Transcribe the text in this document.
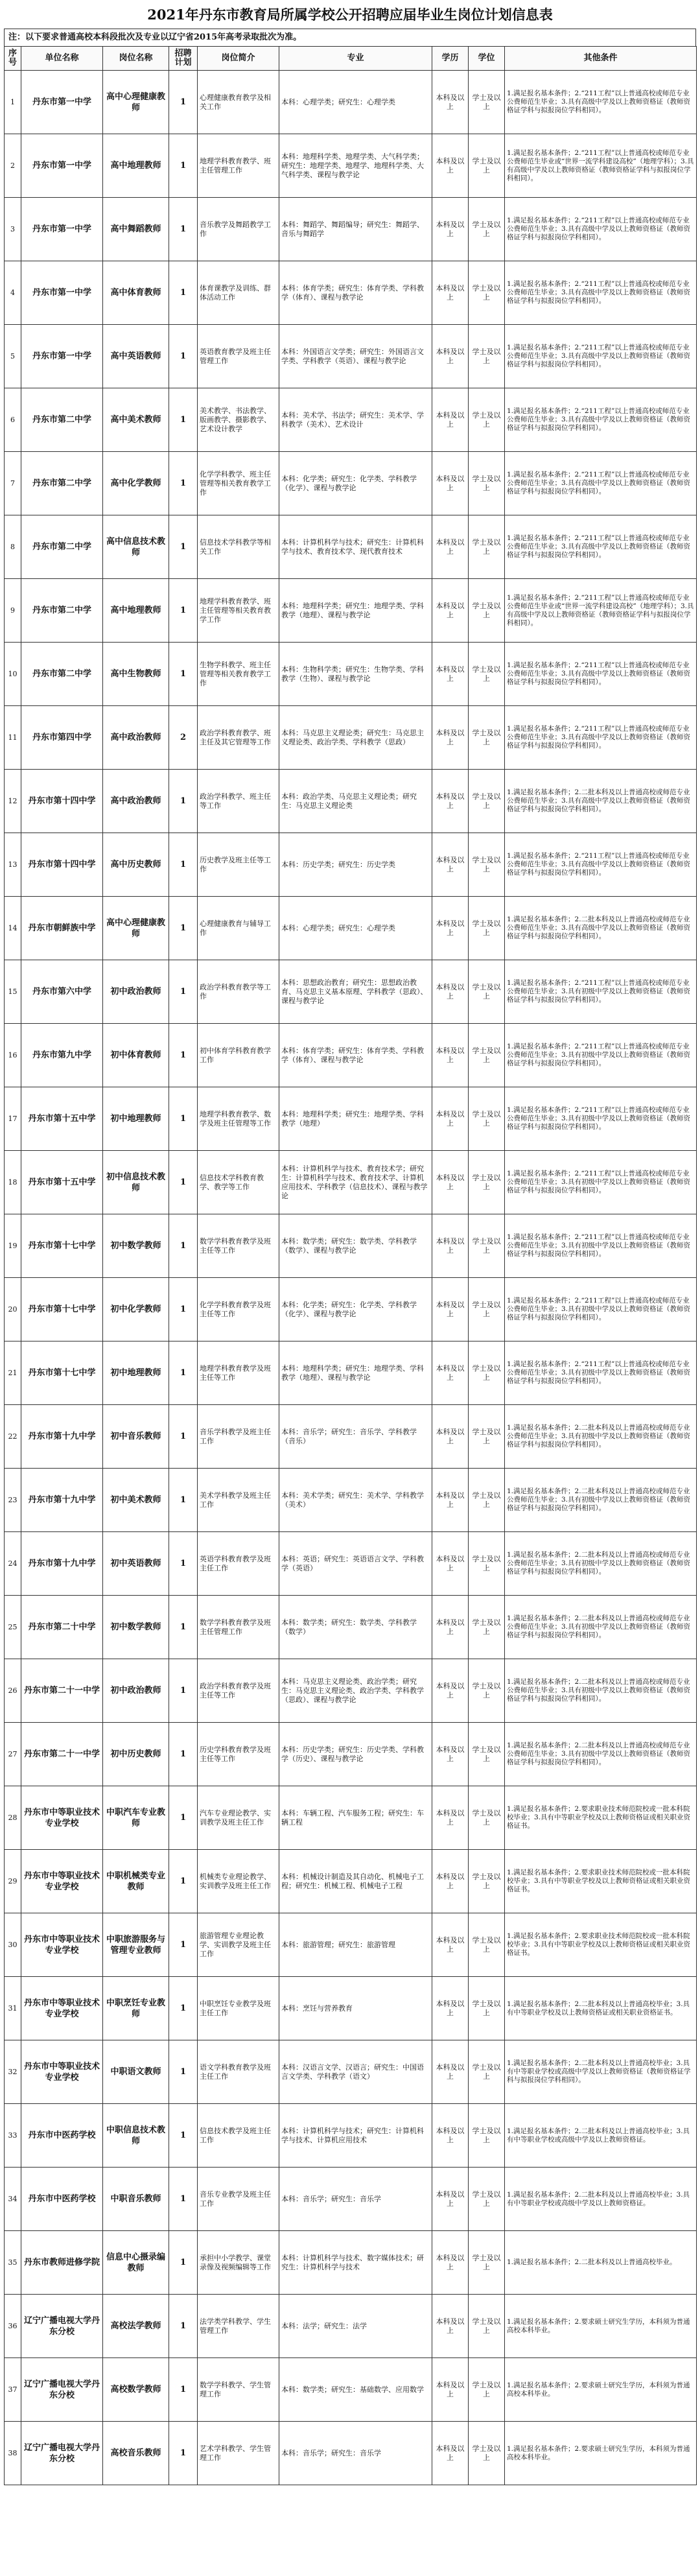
2021年丹东市教育局所属学校公开招聘应届毕业生岗位计划信息表
注：以下要求普通高校本科段批次及专业以辽宁省2015年高考录取批次为准。
序号	单位名称	岗位名称	招聘计划	岗位简介	专业	学历	学位	其他条件
1	丹东市第一中学	高中心理健康教师	1	心理健康教育教学及相关工作	本科：心理学类；研究生：心理学类	本科及以上	学士及以上	1.满足报名基本条件；2.“211工程”以上普通高校或师范专业公费师范生毕业；3.具有高级中学及以上教师资格证（教师资格证学科与拟报岗位学科相同）。
2	丹东市第一中学	高中地理教师	1	地理学科教育教学、班主任管理工作	本科：地理科学类、地理学类、大气科学类；研究生：地理学类、地理学、地理科学类、大气科学类、课程与教学论	本科及以上	学士及以上	1.满足报名基本条件；2.“211工程”以上普通高校或师范专业公费师范生毕业或“世界一流学科建设高校”（地理学科）；3.具有高级中学及以上教师资格证（教师资格证学科与拟报岗位学科相同）。
3	丹东市第一中学	高中舞蹈教师	1	音乐教学及舞蹈教学工作	本科：舞蹈学、舞蹈编导；研究生：舞蹈学、音乐与舞蹈学	本科及以上	学士及以上	1.满足报名基本条件；2.“211工程”以上普通高校或师范专业公费师范生毕业；3.具有高级中学及以上教师资格证（教师资格证学科与拟报岗位学科相同）。
4	丹东市第一中学	高中体育教师	1	体育课教学及训练、群体活动工作	本科：体育学类；研究生：体育学类、学科教学（体育）、课程与教学论	本科及以上	学士及以上	1.满足报名基本条件；2.“211工程”以上普通高校或师范专业公费师范生毕业；3.具有高级中学及以上教师资格证（教师资格证学科与拟报岗位学科相同）。
5	丹东市第一中学	高中英语教师	1	英语教育教学及班主任管理工作	本科：外国语言文学类；研究生：外国语言文学类、学科教学（英语）、课程与教学论	本科及以上	学士及以上	1.满足报名基本条件；2.“211工程”以上普通高校或师范专业公费师范生毕业；3.具有高级中学及以上教师资格证（教师资格证学科与拟报岗位学科相同）。
6	丹东市第二中学	高中美术教师	1	美术教学、书法教学、版画教学、摄影教学、艺术设计教学	本科：美术学、书法学；研究生：美术学、学科教学（美术）、艺术设计	本科及以上	学士及以上	1.满足报名基本条件；2.“211工程”以上普通高校或师范专业公费师范生毕业；3.具有高级中学及以上教师资格证（教师资格证学科与拟报岗位学科相同）。
7	丹东市第二中学	高中化学教师	1	化学学科教学、班主任管理等相关教育教学工作	本科：化学类；研究生：化学类、学科教学（化学）、课程与教学论	本科及以上	学士及以上	1.满足报名基本条件；2.“211工程”以上普通高校或师范专业公费师范生毕业；3.具有高级中学及以上教师资格证（教师资格证学科与拟报岗位学科相同）。
8	丹东市第二中学	高中信息技术教师	1	信息技术学科教学等相关工作	本科：计算机科学与技术；研究生：计算机科学与技术、教育技术学、现代教育技术	本科及以上	学士及以上	1.满足报名基本条件；2.“211工程”以上普通高校或师范专业公费师范生毕业；3.具有高级中学及以上教师资格证（教师资格证学科与拟报岗位学科相同）。
9	丹东市第二中学	高中地理教师	1	地理学科教育教学、班主任管理等相关教育教学工作	本科：地理科学类；研究生：地理学类、学科教学（地理）、课程与教学论	本科及以上	学士及以上	1.满足报名基本条件；2.“211工程”以上普通高校或师范专业公费师范生毕业或“世界一流学科建设高校”（地理学科）；3.具有高级中学及以上教师资格证（教师资格证学科与拟报岗位学科相同）。
10	丹东市第二中学	高中生物教师	1	生物学科教学、班主任管理等相关教育教学工作	本科：生物科学类；研究生：生物学类、学科教学（生物）、课程与教学论	本科及以上	学士及以上	1.满足报名基本条件；2.“211工程”以上普通高校或师范专业公费师范生毕业；3.具有高级中学及以上教师资格证（教师资格证学科与拟报岗位学科相同）。
11	丹东市第四中学	高中政治教师	2	政治学科教育教学、班主任及其它管理等工作	本科：马克思主义理论类；研究生：马克思主义理论类、政治学类、学科教学（思政）	本科及以上	学士及以上	1.满足报名基本条件；2.“211工程”以上普通高校或师范专业公费师范生毕业；3.具有高级中学及以上教师资格证（教师资格证学科与拟报岗位学科相同）。
12	丹东市第十四中学	高中政治教师	1	政治学科教学、班主任等工作	本科：政治学类、马克思主义理论类；研究生：马克思主义理论类	本科及以上	学士及以上	1.满足报名基本条件；2.二批本科及以上普通高校或师范专业公费师范生毕业；3.具有高级中学及以上教师资格证（教师资格证学科与拟报岗位学科相同）。
13	丹东市第十四中学	高中历史教师	1	历史教学及班主任等工作	本科：历史学类；研究生：历史学类	本科及以上	学士及以上	1.满足报名基本条件；2.“211工程”以上普通高校或师范专业公费师范生毕业；3.具有高级中学及以上教师资格证（教师资格证学科与拟报岗位学科相同）。
14	丹东市朝鲜族中学	高中心理健康教师	1	心理健康教育与辅导工作	本科：心理学类；研究生：心理学类	本科及以上	学士及以上	1.满足报名基本条件；2.二批本科及以上普通高校或师范专业公费师范生毕业；3.具有高级中学及以上教师资格证（教师资格证学科与拟报岗位学科相同）。
15	丹东市第六中学	初中政治教师	1	政治学科教育教学等工作	本科：思想政治教育；研究生：思想政治教育、马克思主义基本原理、学科教学（思政）、课程与教学论	本科及以上	学士及以上	1.满足报名基本条件；2.“211工程”以上普通高校或师范专业公费师范生毕业；3.具有初级中学及以上教师资格证（教师资格证学科与拟报岗位学科相同）。
16	丹东市第九中学	初中体育教师	1	初中体育学科教育教学工作	本科：体育学类；研究生：体育学类、学科教学（体育）、课程与教学论	本科及以上	学士及以上	1.满足报名基本条件；2.“211工程”以上普通高校或师范专业公费师范生毕业；3.具有初级中学及以上教师资格证（教师资格证学科与拟报岗位学科相同）。
17	丹东市第十五中学	初中地理教师	1	地理学科教育教学、数学及班主任管理等工作	本科：地理科学类；研究生：地理学类、学科教学（地理）	本科及以上	学士及以上	1.满足报名基本条件；2.“211工程”以上普通高校或师范专业公费师范生毕业；3.具有初级中学及以上教师资格证（教师资格证学科与拟报岗位学科相同）。
18	丹东市第十五中学	初中信息技术教师	1	信息技术学科教育教学、教学等工作	本科：计算机科学与技术、教育技术学；研究生：计算机科学与技术、教育技术学、计算机应用技术、学科教学（信息技术）、课程与教学论	本科及以上	学士及以上	1.满足报名基本条件；2.“211工程”以上普通高校或师范专业公费师范生毕业；3.具有初级中学及以上教师资格证（教师资格证学科与拟报岗位学科相同）。
19	丹东市第十七中学	初中数学教师	1	数学学科教育教学及班主任等工作	本科：数学类；研究生：数学类、学科教学（数学）、课程与教学论	本科及以上	学士及以上	1.满足报名基本条件；2.“211工程”以上普通高校或师范专业公费师范生毕业；3.具有初级中学及以上教师资格证（教师资格证学科与拟报岗位学科相同）。
20	丹东市第十七中学	初中化学教师	1	化学学科教育教学及班主任等工作	本科：化学类；研究生：化学类、学科教学（化学）、课程与教学论	本科及以上	学士及以上	1.满足报名基本条件；2.“211工程”以上普通高校或师范专业公费师范生毕业；3.具有初级中学及以上教师资格证（教师资格证学科与拟报岗位学科相同）。
21	丹东市第十七中学	初中地理教师	1	地理学科教育教学及班主任等工作	本科：地理科学类；研究生：地理学类、学科教学（地理）、课程与教学论	本科及以上	学士及以上	1.满足报名基本条件；2.“211工程”以上普通高校或师范专业公费师范生毕业；3.具有初级中学及以上教师资格证（教师资格证学科与拟报岗位学科相同）。
22	丹东市第十九中学	初中音乐教师	1	音乐学科教学及班主任工作	本科：音乐学；研究生：音乐学、学科教学（音乐）	本科及以上	学士及以上	1.满足报名基本条件；2.二批本科及以上普通高校或师范专业公费师范生毕业；3.具有初级中学及以上教师资格证（教师资格证学科与拟报岗位学科相同）。
23	丹东市第十九中学	初中美术教师	1	美术学科教学及班主任工作	本科：美术学类；研究生：美术学、学科教学（美术）	本科及以上	学士及以上	1.满足报名基本条件；2.二批本科及以上普通高校或师范专业公费师范生毕业；3.具有初级中学及以上教师资格证（教师资格证学科与拟报岗位学科相同）。
24	丹东市第十九中学	初中英语教师	1	英语学科教育教学及班主任工作	本科：英语；研究生：英语语言文学、学科教学（英语）	本科及以上	学士及以上	1.满足报名基本条件；2.二批本科及以上普通高校或师范专业公费师范生毕业；3.具有初级中学及以上教师资格证（教师资格证学科与拟报岗位学科相同）。
25	丹东市第二十中学	初中数学教师	1	数学学科教育教学及班主任管理工作	本科：数学类；研究生：数学类、学科教学（数学）	本科及以上	学士及以上	1.满足报名基本条件；2.二批本科及以上普通高校或师范专业公费师范生毕业；3.具有初级中学及以上教师资格证（教师资格证学科与拟报岗位学科相同）。
26	丹东市第二十一中学	初中政治教师	1	政治学科教育教学及班主任等工作	本科：马克思主义理论类、政治学类；研究生：马克思主义理论类、政治学类、学科教学（思政）、课程与教学论	本科及以上	学士及以上	1.满足报名基本条件；2.二批本科及以上普通高校或师范专业公费师范生毕业；3.具有初级中学及以上教师资格证（教师资格证学科与拟报岗位学科相同）。
27	丹东市第二十一中学	初中历史教师	1	历史学科教育教学及班主任等工作	本科：历史学类；研究生：历史学类、学科教学（历史）、课程与教学论	本科及以上	学士及以上	1.满足报名基本条件；2.二批本科及以上普通高校或师范专业公费师范生毕业；3.具有初级中学及以上教师资格证（教师资格证学科与拟报岗位学科相同）。
28	丹东市中等职业技术专业学校	中职汽车专业教师	1	汽车专业理论教学、实训教学及班主任工作	本科：车辆工程、汽车服务工程；研究生：车辆工程	本科及以上	学士及以上	1.满足报名基本条件；2.要求职业技术师范院校或一批本科院校毕业；3.具有中等职业学校及以上教师资格证或相关职业资格证书。
29	丹东市中等职业技术专业学校	中职机械类专业教师	1	机械类专业理论教学、实训教学及班主任工作	本科：机械设计制造及其自动化、机械电子工程；研究生：机械工程、机械电子工程	本科及以上	学士及以上	1.满足报名基本条件；2.要求职业技术师范院校或一批本科院校毕业；3.具有中等职业学校及以上教师资格证或相关职业资格证书。
30	丹东市中等职业技术专业学校	中职旅游服务与管理专业教师	1	旅游管理专业理论教学、实训教学及班主任工作	本科：旅游管理；研究生：旅游管理	本科及以上	学士及以上	1.满足报名基本条件；2.要求职业技术师范院校或一批本科院校毕业；3.具有中等职业学校及以上教师资格证或相关职业资格证书。
31	丹东市中等职业技术专业学校	中职烹饪专业教师	1	中职烹饪专业教学及班主任工作	本科：烹饪与营养教育	本科及以上	学士及以上	1.满足报名基本条件；2.二批本科及以上普通高校毕业；3.具有中等职业学校及以上教师资格证或相关职业资格证书。
32	丹东市中等职业技术专业学校	中职语文教师	1	语文学科教育教学及班主任工作	本科：汉语言文学、汉语言；研究生：中国语言文学类、学科教学（语文）	本科及以上	学士及以上	1.满足报名基本条件；2.二批本科及以上普通高校毕业；3.具有中等职业学校或高级中学及以上教师资格证（教师资格证学科与拟报岗位学科相同）。
33	丹东市中医药学校	中职信息技术教师	1	信息技术教学及班主任工作	本科：计算机科学与技术；研究生：计算机科学与技术、计算机应用技术	本科及以上	学士及以上	1.满足报名基本条件；2.二批本科及以上普通高校毕业；3.具有中等职业学校或高级中学及以上教师资格证。
34	丹东市中医药学校	中职音乐教师	1	音乐专业教学及班主任工作	本科：音乐学；研究生：音乐学	本科及以上	学士及以上	1.满足报名基本条件；2.二批本科及以上普通高校毕业；3.具有中等职业学校或高级中学及以上教师资格证。
35	丹东市教师进修学院	信息中心摄录编教师	1	承担中小学教学、课堂录像及视频编辑等工作	本科：计算机科学与技术、数字媒体技术；研究生：计算机科学与技术	本科及以上	学士及以上	1.满足报名基本条件；2.二批本科及以上普通高校毕业。
36	辽宁广播电视大学丹东分校	高校法学教师	1	法学类学科教学、学生管理工作	本科：法学；研究生：法学	本科及以上	学士及以上	1.满足报名基本条件；2.要求硕士研究生学历，本科须为普通高校本科毕业。
37	辽宁广播电视大学丹东分校	高校数学教师	1	数学学科教学、学生管理工作	本科：数学类；研究生：基础数学、应用数学	本科及以上	学士及以上	1.满足报名基本条件；2.要求硕士研究生学历，本科须为普通高校本科毕业。
38	辽宁广播电视大学丹东分校	高校音乐教师	1	艺术学科教学、学生管理工作	本科：音乐学；研究生：音乐学	本科及以上	学士及以上	1.满足报名基本条件；2.要求硕士研究生学历，本科须为普通高校本科毕业。
